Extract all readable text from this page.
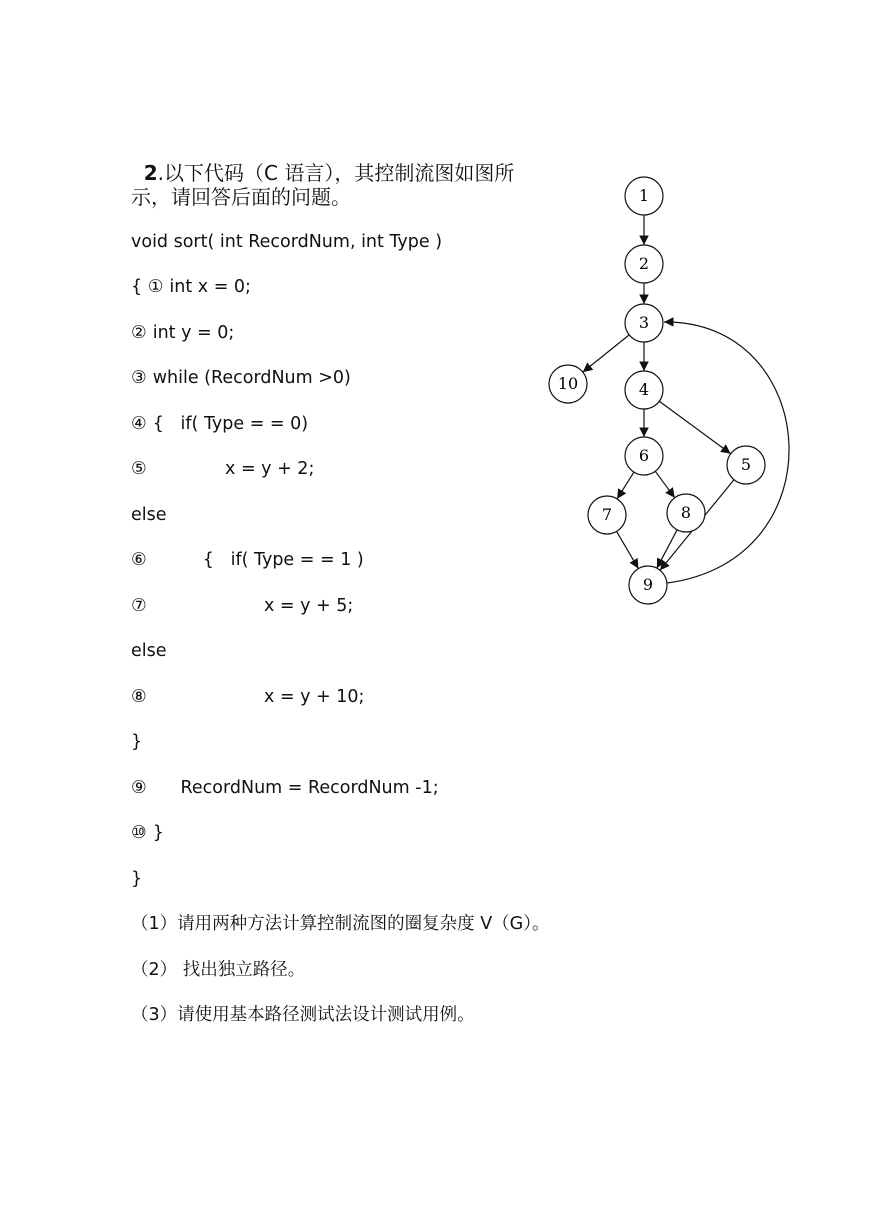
2.以下代码（C 语言），其控制流图如图所

示，请回答后面的问题。
void sort( int RecordNum, int Type )
{ ① int x = 0;
② int y = 0;
③ while (RecordNum >0)
④ {   if( Type = = 0)
⑤             x = y + 2;
else
⑥         {   if( Type = = 1 )
⑦                    x = y + 5;
else
⑧                    x = y + 10;
}
⑨     RecordNum = RecordNum -1;
⑩ }
}
（1）请用两种方法计算控制流图的圈复杂度 V（G）。
（2） 找出独立路径。
（3）请使用基本路径测试法设计测试用例。
1
2
3
4
5
6
7	8
9
10
